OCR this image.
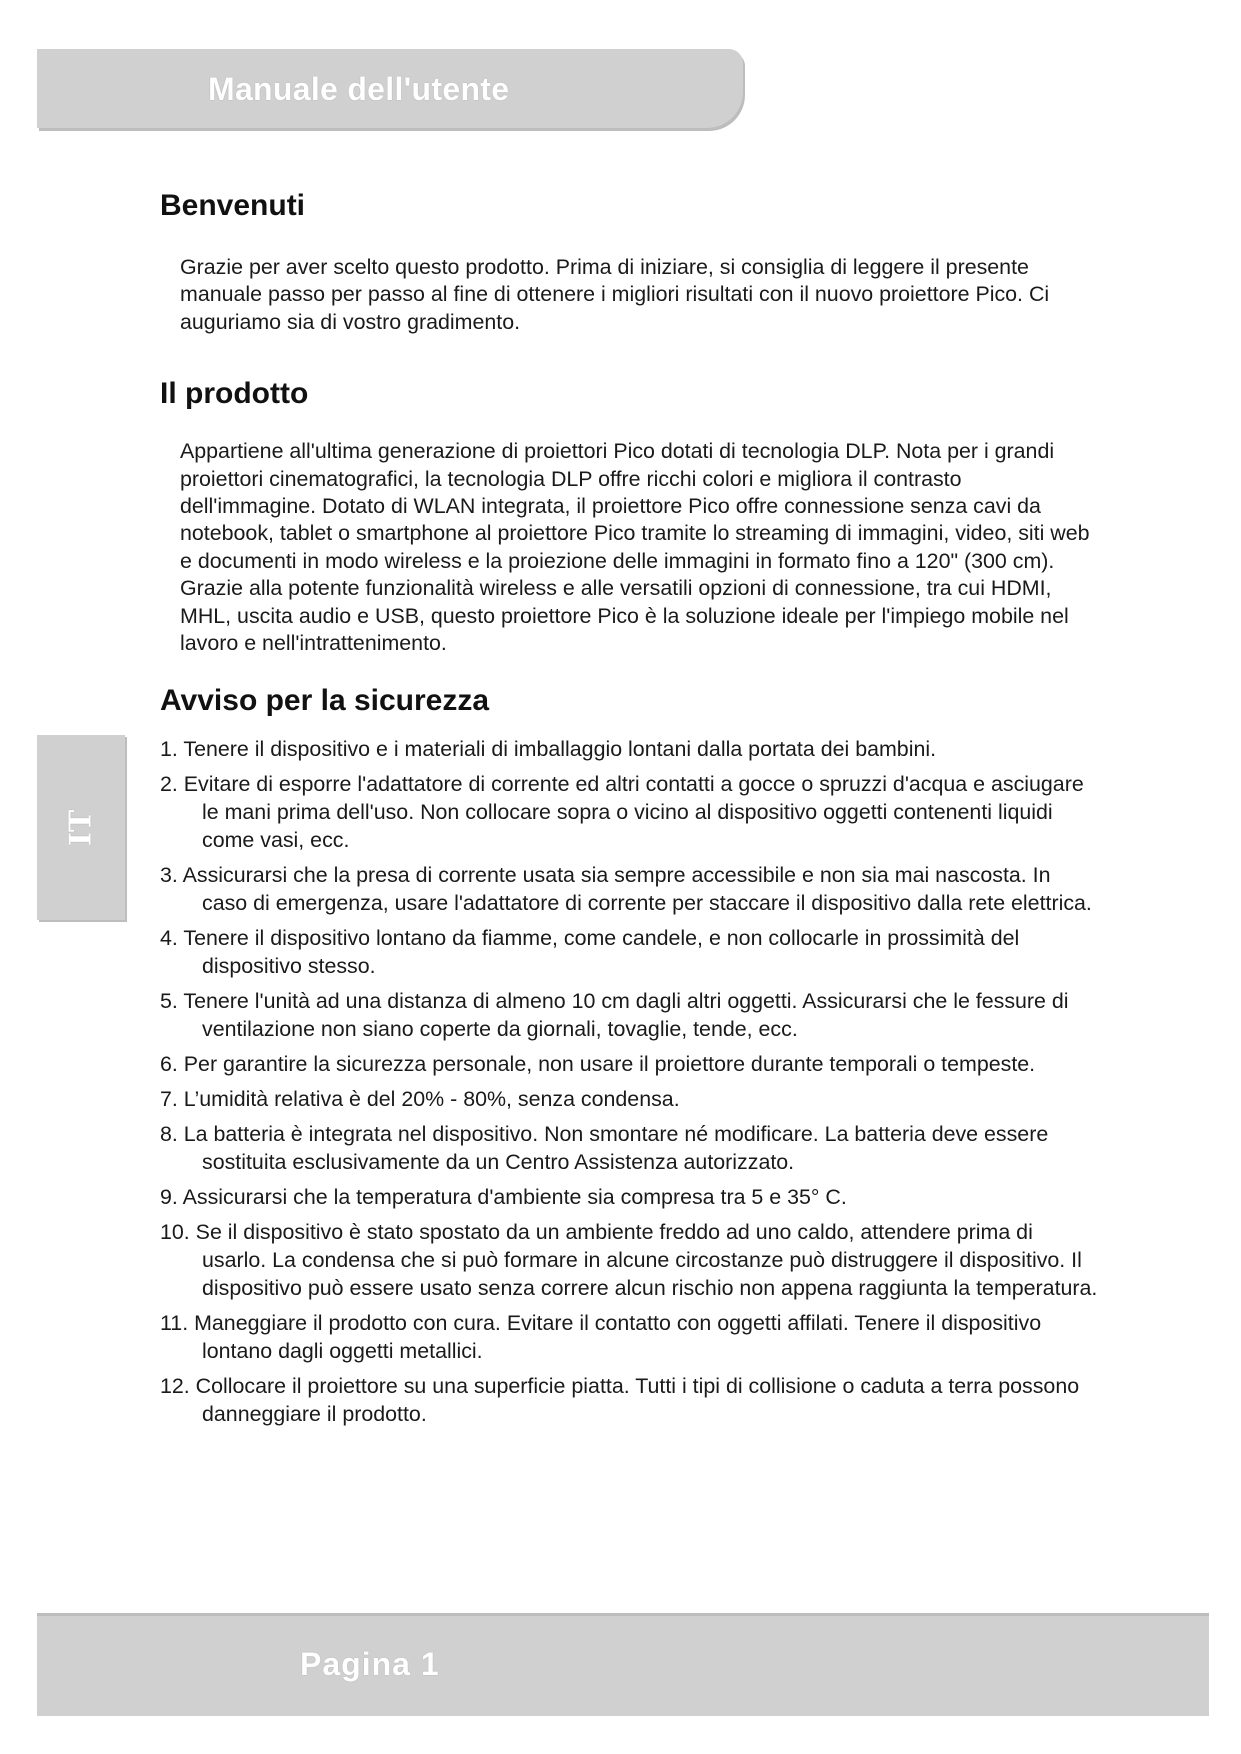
Manuale dell'utente
IT
Benvenuti

Grazie per aver scelto questo prodotto. Prima di iniziare, si consiglia di leggere il presente manuale passo per passo al fine di ottenere i migliori risultati con il nuovo proiettore Pico. Ci auguriamo sia di vostro gradimento.

Il prodotto

Appartiene all'ultima generazione di proiettori Pico dotati di tecnologia DLP. Nota per i grandi proiettori cinematografici, la tecnologia DLP offre ricchi colori e migliora il contrasto dell'immagine. Dotato di WLAN integrata, il proiettore Pico offre connessione senza cavi da notebook, tablet o smartphone al proiettore Pico tramite lo streaming di immagini, video, siti web e documenti in modo wireless e la proiezione delle immagini in formato fino a 120" (300 cm). Grazie alla potente funzionalità wireless e alle versatili opzioni di connessione, tra cui HDMI, MHL, uscita audio e USB, questo proiettore Pico è la soluzione ideale per l'impiego mobile nel lavoro e nell'intrattenimento.

Avviso per la sicurezza
1. Tenere il dispositivo e i materiali di imballaggio lontani dalla portata dei bambini.
2. Evitare di esporre l'adattatore di corrente ed altri contatti a gocce o spruzzi d'acqua e asciugare le mani prima dell'uso. Non collocare sopra o vicino al dispositivo oggetti contenenti liquidi come vasi, ecc.
3. Assicurarsi che la presa di corrente usata sia sempre accessibile e non sia mai nascosta. In caso di emergenza, usare l'adattatore di corrente per staccare il dispositivo dalla rete elettrica.
4. Tenere il dispositivo lontano da fiamme, come candele, e non collocarle in prossimità del dispositivo stesso.
5. Tenere l'unità ad una distanza di almeno 10 cm dagli altri oggetti. Assicurarsi che le fessure di ventilazione non siano coperte da giornali, tovaglie, tende, ecc.
6. Per garantire la sicurezza personale, non usare il proiettore durante temporali o tempeste.
7. L’umidità relativa è del 20% - 80%, senza condensa.
8. La batteria è integrata nel dispositivo. Non smontare né modificare. La batteria deve essere sostituita esclusivamente da un Centro Assistenza autorizzato.
9. Assicurarsi che la temperatura d'ambiente sia compresa tra 5 e 35° C.
10. Se il dispositivo è stato spostato da un ambiente freddo ad uno caldo, attendere prima di usarlo. La condensa che si può formare in alcune circostanze può distruggere il dispositivo. Il dispositivo può essere usato senza correre alcun rischio non appena raggiunta la temperatura.
11. Maneggiare il prodotto con cura. Evitare il contatto con oggetti affilati. Tenere il dispositivo lontano dagli oggetti metallici.
12. Collocare il proiettore su una superficie piatta. Tutti i tipi di collisione o caduta a terra possono danneggiare il prodotto.
Pagina 1
